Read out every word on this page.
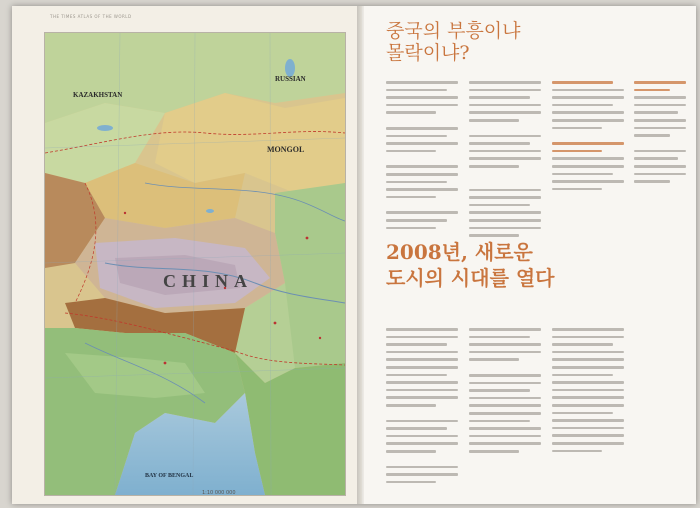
THE TIMES ATLAS OF THE WORLD
RUSSIAN
KAZAKHSTAN
MONGOL
CHINA
BAY OF BENGAL
1:10 000 000
중국의 부흥이냐
몰락이냐?
2008년, 새로운
도시의 시대를 열다
